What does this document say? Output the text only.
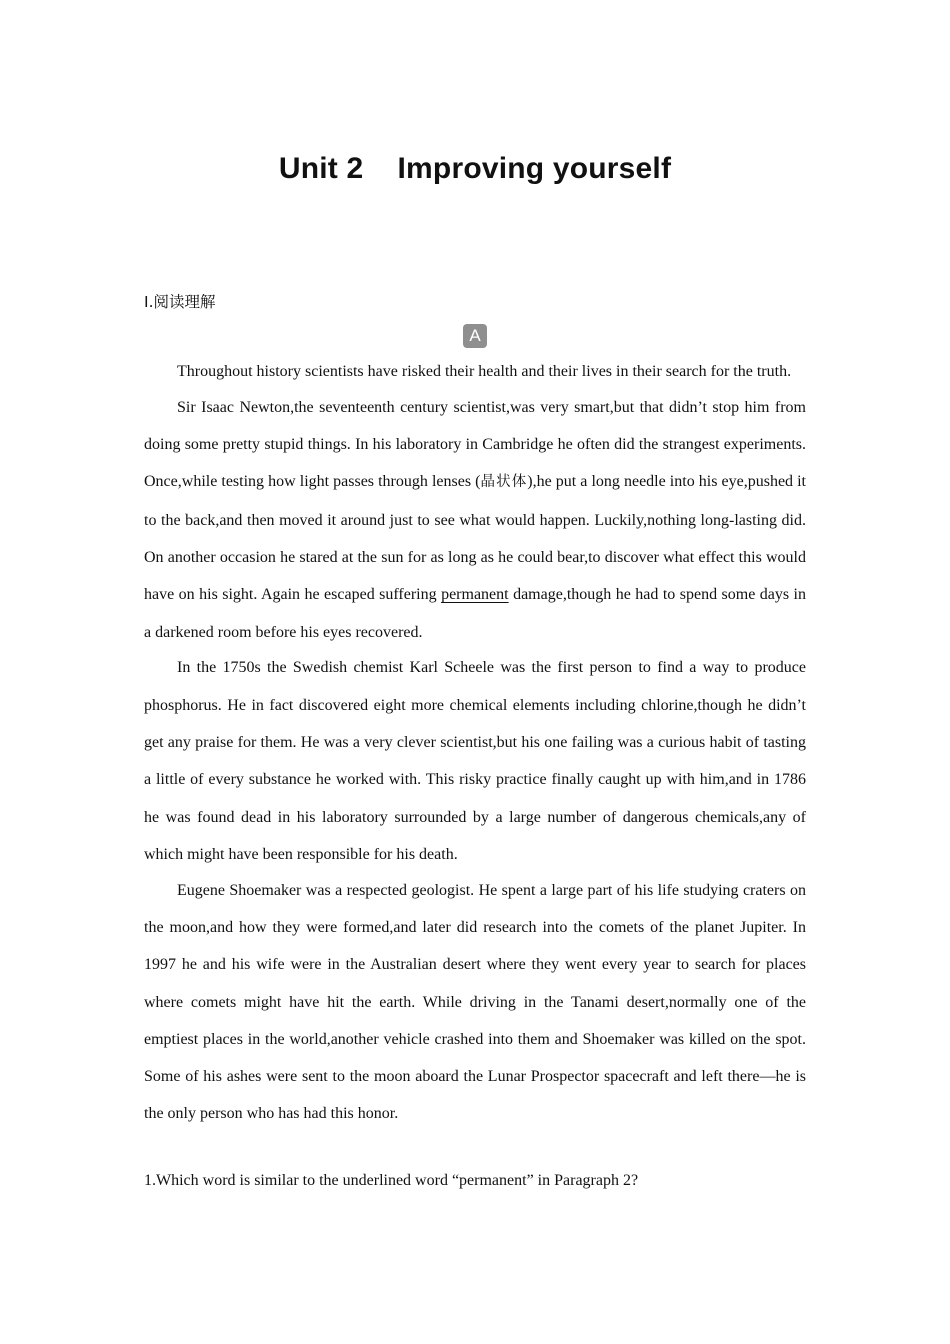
Unit 2    Improving yourself
Ⅰ.阅读理解
A

Throughout history scientists have risked their health and their lives in their search for the truth.

Sir Isaac Newton,the seventeenth century scientist,was very smart,but that didn’t stop him from doing some pretty stupid things. In his laboratory in Cambridge he often did the strangest experiments. Once,while testing how light passes through lenses (晶状体),he put a long needle into his eye,pushed it to the back,and then moved it around just to see what would happen. Luckily,nothing long-lasting did. On another occasion he stared at the sun for as long as he could bear,to discover what effect this would have on his sight. Again he escaped suffering permanent damage,though he had to spend some days in a darkened room before his eyes recovered.

In the 1750s the Swedish chemist Karl Scheele was the first person to find a way to produce phosphorus. He in fact discovered eight more chemical elements including chlorine,though he didn’t get any praise for them. He was a very clever scientist,but his one failing was a curious habit of tasting a little of every substance he worked with. This risky practice finally caught up with him,and in 1786 he was found dead in his laboratory surrounded by a large number of dangerous chemicals,any of which might have been responsible for his death.

Eugene Shoemaker was a respected geologist. He spent a large part of his life studying craters on the moon,and how they were formed,and later did research into the comets of the planet Jupiter. In 1997 he and his wife were in the Australian desert where they went every year to search for places where comets might have hit the earth. While driving in the Tanami desert,normally one of the emptiest places in the world,another vehicle crashed into them and Shoemaker was killed on the spot. Some of his ashes were sent to the moon aboard the Lunar Prospector spacecraft and left there—he is the only person who has had this honor.

1.Which word is similar to the underlined word “permanent” in Paragraph 2?
